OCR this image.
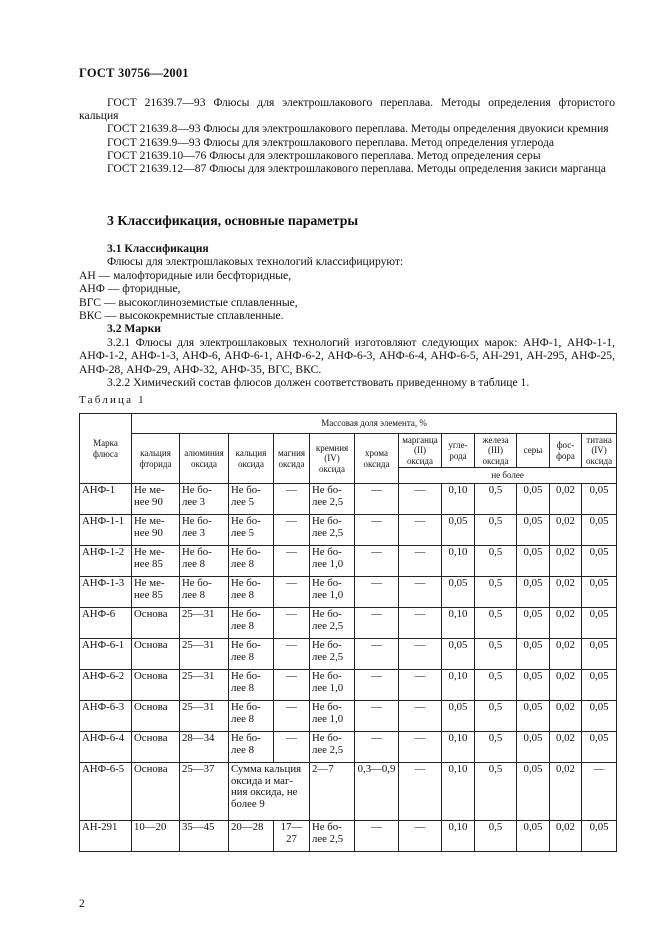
ГОСТ 30756—2001

ГОСТ 21639.7—93 Флюсы для электрошлакового переплава. Методы определения фтористого кальция

ГОСТ 21639.8—93 Флюсы для электрошлакового переплава. Методы определения двуокиси кремния

ГОСТ 21639.9—93 Флюсы для электрошлакового переплава. Метод определения углерода

ГОСТ 21639.10—76 Флюсы для электрошлакового переплава. Метод определения серы

ГОСТ 21639.12—87 Флюсы для электрошлакового переплава. Методы определения закиси марганца

3 Классификация, основные параметры

3.1 Классификация

Флюсы для электрошлаковых технологий классифицируют:

АН — малофторидные или бесфторидные,

АНФ — фторидные,

ВГС — высокоглиноземистые сплавленные,

ВКС — высококремнистые сплавленные.

3.2 Марки

3.2.1 Флюсы для электрошлаковых технологий изготовляют следующих марок: АНФ-1, АНФ-1-1, АНФ-1-2, АНФ-1-3, АНФ-6, АНФ-6-1, АНФ-6-2, АНФ-6-3, АНФ-6-4, АНФ-6-5, АН-291, АН-295, АНФ-25, АНФ-28, АНФ-29, АНФ-32, АНФ-35, ВГС, ВКС.

3.2.2 Химический состав флюсов должен соответствовать приведенному в таблице 1.

Таблица 1
Марка флюса	Массовая доля элемента, %											
	кальция фторида	алюминия оксида	кальция оксида	магния оксида	кремния (IV) оксида	хрома оксида	марганца (II) оксида	угле-рода	железа (III) оксида	серы	фос-фора	титана (IV) оксида
							не более					
АНФ-1	Не ме-нее 90	Не бо-лее 3	Не бо-лее 5	—	Не бо-лее 2,5	—	—	0,10	0,5	0,05	0,02	0,05
АНФ-1-1	Не ме-нее 90	Не бо-лее 3	Не бо-лее 5	—	Не бо-лее 2,5	—	—	0,05	0,5	0,05	0,02	0,05
АНФ-1-2	Не ме-нее 85	Не бо-лее 8	Не бо-лее 8	—	Не бо-лее 1,0	—	—	0,10	0,5	0,05	0,02	0,05
АНФ-1-3	Не ме-нее 85	Не бо-лее 8	Не бо-лее 8	—	Не бо-лее 1,0	—	—	0,05	0,5	0,05	0,02	0,05
АНФ-6	Основа	25—31	Не бо-лее 8	—	Не бо-лее 2,5	—	—	0,10	0,5	0,05	0,02	0,05
АНФ-6-1	Основа	25—31	Не бо-лее 8	—	Не бо-лее 2,5	—	—	0,05	0,5	0,05	0,02	0,05
АНФ-6-2	Основа	25—31	Не бо-лее 8	—	Не бо-лее 1,0	—	—	0,10	0,5	0,05	0,02	0,05
АНФ-6-3	Основа	25—31	Не бо-лее 8	—	Не бо-лее 1,0	—	—	0,05	0,5	0,05	0,02	0,05
АНФ-6-4	Основа	28—34	Не бо-лее 8	—	Не бо-лее 2,5	—	—	0,10	0,5	0,05	0,02	0,05
АНФ-6-5	Основа	25—37	Сумма кальция оксида и маг-ния оксида, не более 9		2—7	0,3—0,9	—	0,10	0,5	0,05	0,02	—
АН-291	10—20	35—45	20—28	17—27	Не бо-лее 2,5	—	—	0,10	0,5	0,05	0,02	0,05
2
